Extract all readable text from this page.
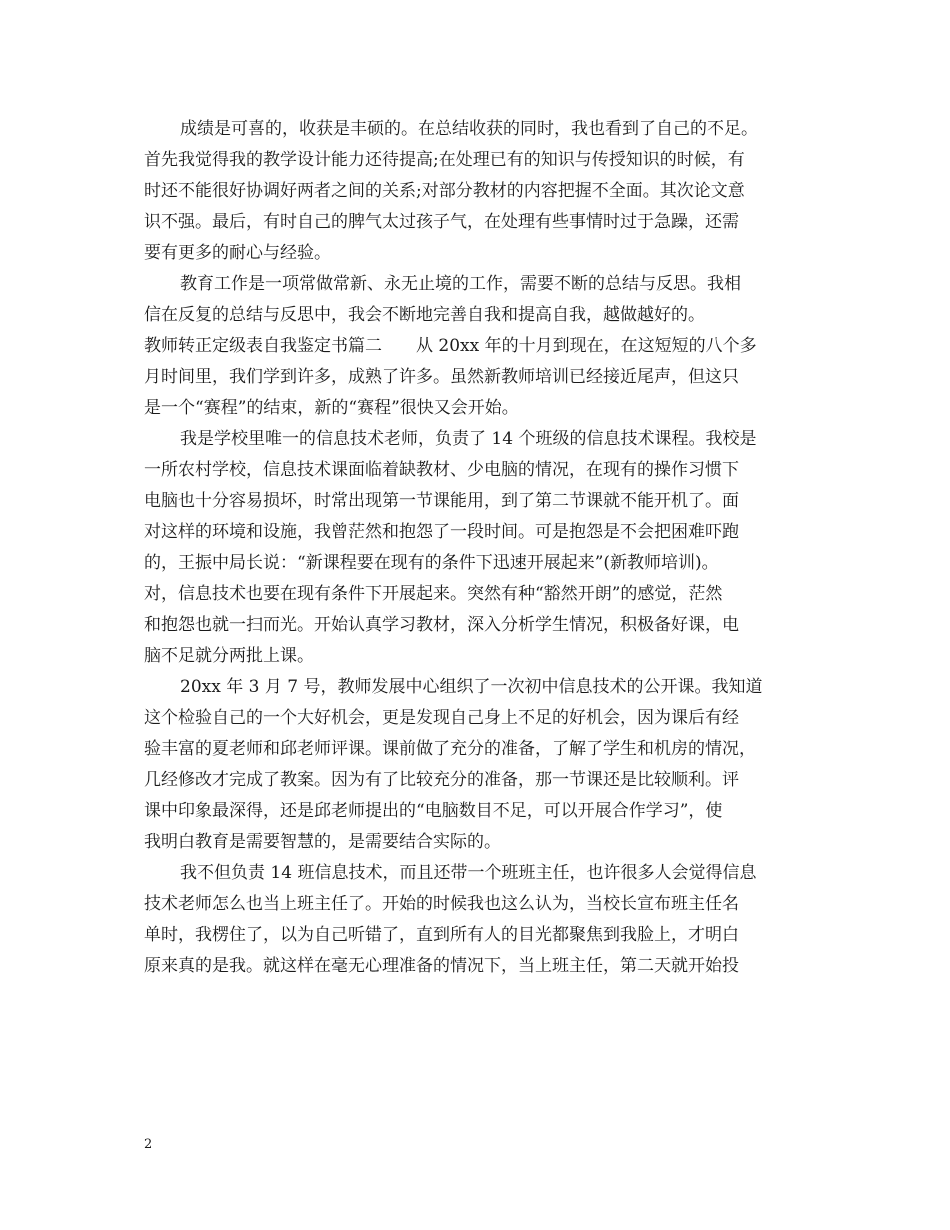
成绩是可喜的，收获是丰硕的。在总结收获的同时，我也看到了自己的不足。
首先我觉得我的教学设计能力还待提高;在处理已有的知识与传授知识的时候，有
时还不能很好协调好两者之间的关系;对部分教材的内容把握不全面。其次论文意
识不强。最后，有时自己的脾气太过孩子气，在处理有些事情时过于急躁，还需
要有更多的耐心与经验。
教育工作是一项常做常新、永无止境的工作，需要不断的总结与反思。我相
信在反复的总结与反思中，我会不断地完善自我和提高自我，越做越好的。
教师转正定级表自我鉴定书篇二　　从 20xx 年的十月到现在，在这短短的八个多
月时间里，我们学到许多，成熟了许多。虽然新教师培训已经接近尾声，但这只
是一个“赛程”的结束，新的“赛程”很快又会开始。
我是学校里唯一的信息技术老师，负责了 14 个班级的信息技术课程。我校是
一所农村学校，信息技术课面临着缺教材、少电脑的情况，在现有的操作习惯下
电脑也十分容易损坏，时常出现第一节课能用，到了第二节课就不能开机了。面
对这样的环境和设施，我曾茫然和抱怨了一段时间。可是抱怨是不会把困难吓跑
的，王振中局长说：“新课程要在现有的条件下迅速开展起来”(新教师培训)。
对，信息技术也要在现有条件下开展起来。突然有种“豁然开朗”的感觉，茫然
和抱怨也就一扫而光。开始认真学习教材，深入分析学生情况，积极备好课，电
脑不足就分两批上课。
20xx 年 3 月 7 号，教师发展中心组织了一次初中信息技术的公开课。我知道
这个检验自己的一个大好机会，更是发现自己身上不足的好机会，因为课后有经
验丰富的夏老师和邱老师评课。课前做了充分的准备，了解了学生和机房的情况，
几经修改才完成了教案。因为有了比较充分的准备，那一节课还是比较顺利。评
课中印象最深得，还是邱老师提出的“电脑数目不足，可以开展合作学习”，使
我明白教育是需要智慧的，是需要结合实际的。
我不但负责 14 班信息技术，而且还带一个班班主任，也许很多人会觉得信息
技术老师怎么也当上班主任了。开始的时候我也这么认为，当校长宣布班主任名
单时，我楞住了，以为自己听错了，直到所有人的目光都聚焦到我脸上，才明白
原来真的是我。就这样在毫无心理准备的情况下，当上班主任，第二天就开始投
2
